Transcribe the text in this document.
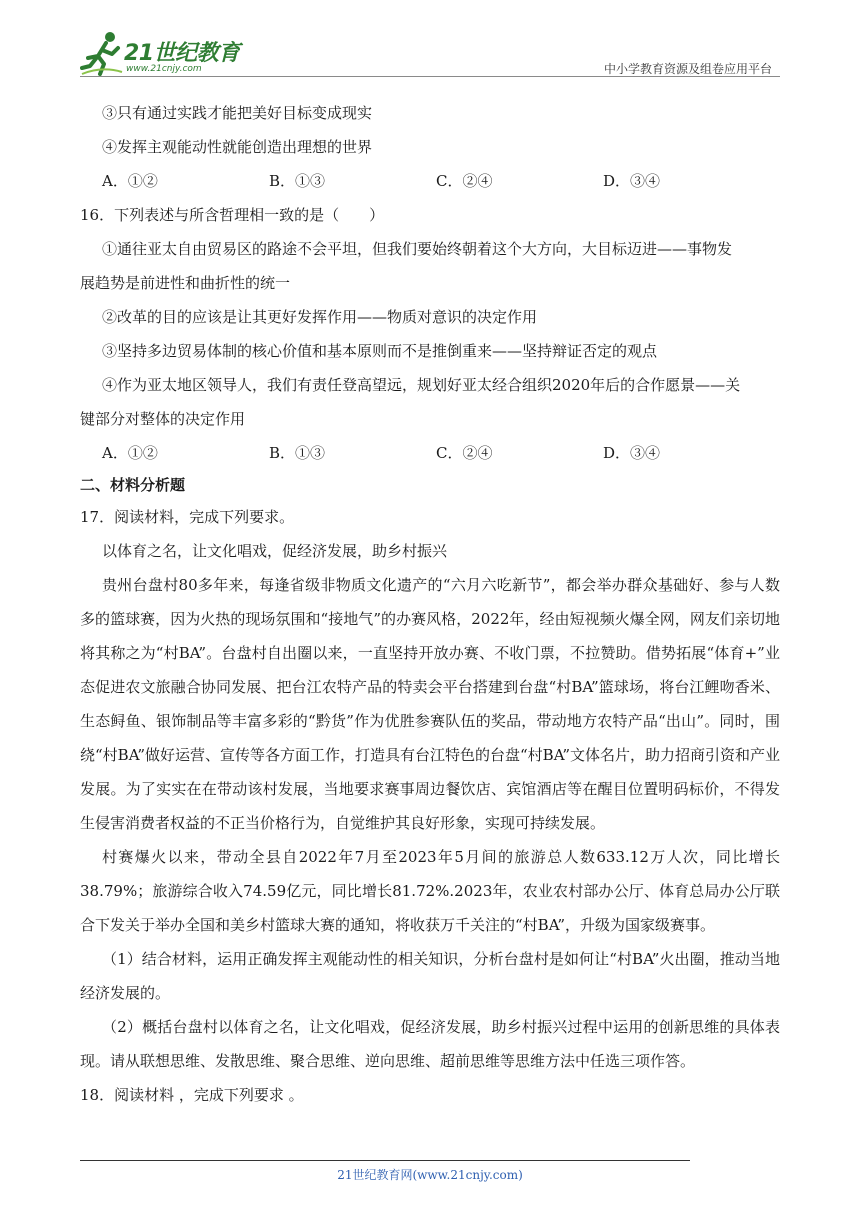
21世纪教育
www.21cnjy.com	中小学教育资源及组卷应用平台
③只有通过实践才能把美好目标变成现实
④发挥主观能动性就能创造出理想的世界
A．①②	B．①③	C．②④	D．③④
16．下列表述与所含哲理相一致的是（　　）
①通往亚太自由贸易区的路途不会平坦，但我们要始终朝着这个大方向，大目标迈进——事物发
展趋势是前进性和曲折性的统一
②改革的目的应该是让其更好发挥作用——物质对意识的决定作用
③坚持多边贸易体制的核心价值和基本原则而不是推倒重来——坚持辩证否定的观点
④作为亚太地区领导人，我们有责任登高望远，规划好亚太经合组织2020年后的合作愿景——关
键部分对整体的决定作用
A．①②	B．①③	C．②④	D．③④
二、材料分析题
17．阅读材料，完成下列要求。
以体育之名，让文化唱戏，促经济发展，助乡村振兴

贵州台盘村80多年来，每逢省级非物质文化遗产的“六月六吃新节”，都会举办群众基础好、参与人数多的篮球赛，因为火热的现场氛围和“接地气”的办赛风格，2022年，经由短视频火爆全网，网友们亲切地将其称之为“村BA”。台盘村自出圈以来，一直坚持开放办赛、不收门票，不拉赞助。借势拓展“体育+”业态促进农文旅融合协同发展、把台江农特产品的特卖会平台搭建到台盘“村BA”篮球场，将台江鲤吻香米、生态鲟鱼、银饰制品等丰富多彩的“黔货”作为优胜参赛队伍的奖品，带动地方农特产品“出山”。同时，围绕“村BA”做好运营、宣传等各方面工作，打造具有台江特色的台盘“村BA”文体名片，助力招商引资和产业发展。为了实实在在带动该村发展，当地要求赛事周边餐饮店、宾馆酒店等在醒目位置明码标价，不得发生侵害消费者权益的不正当价格行为，自觉维护其良好形象，实现可持续发展。

村赛爆火以来，带动全县自2022年7月至2023年5月间的旅游总人数633.12万人次，同比增长38.79%；旅游综合收入74.59亿元，同比增长81.72%.2023年，农业农村部办公厅、体育总局办公厅联合下发关于举办全国和美乡村篮球大赛的通知，将收获万千关注的“村BA”，升级为国家级赛事。

（1）结合材料，运用正确发挥主观能动性的相关知识，分析台盘村是如何让“村BA”火出圈，推动当地经济发展的。

（2）概括台盘村以体育之名，让文化唱戏，促经济发展，助乡村振兴过程中运用的创新思维的具体表现。请从联想思维、发散思维、聚合思维、逆向思维、超前思维等思维方法中任选三项作答。

18．阅读材料 ，完成下列要求 。
21世纪教育网(www.21cnjy.com)
